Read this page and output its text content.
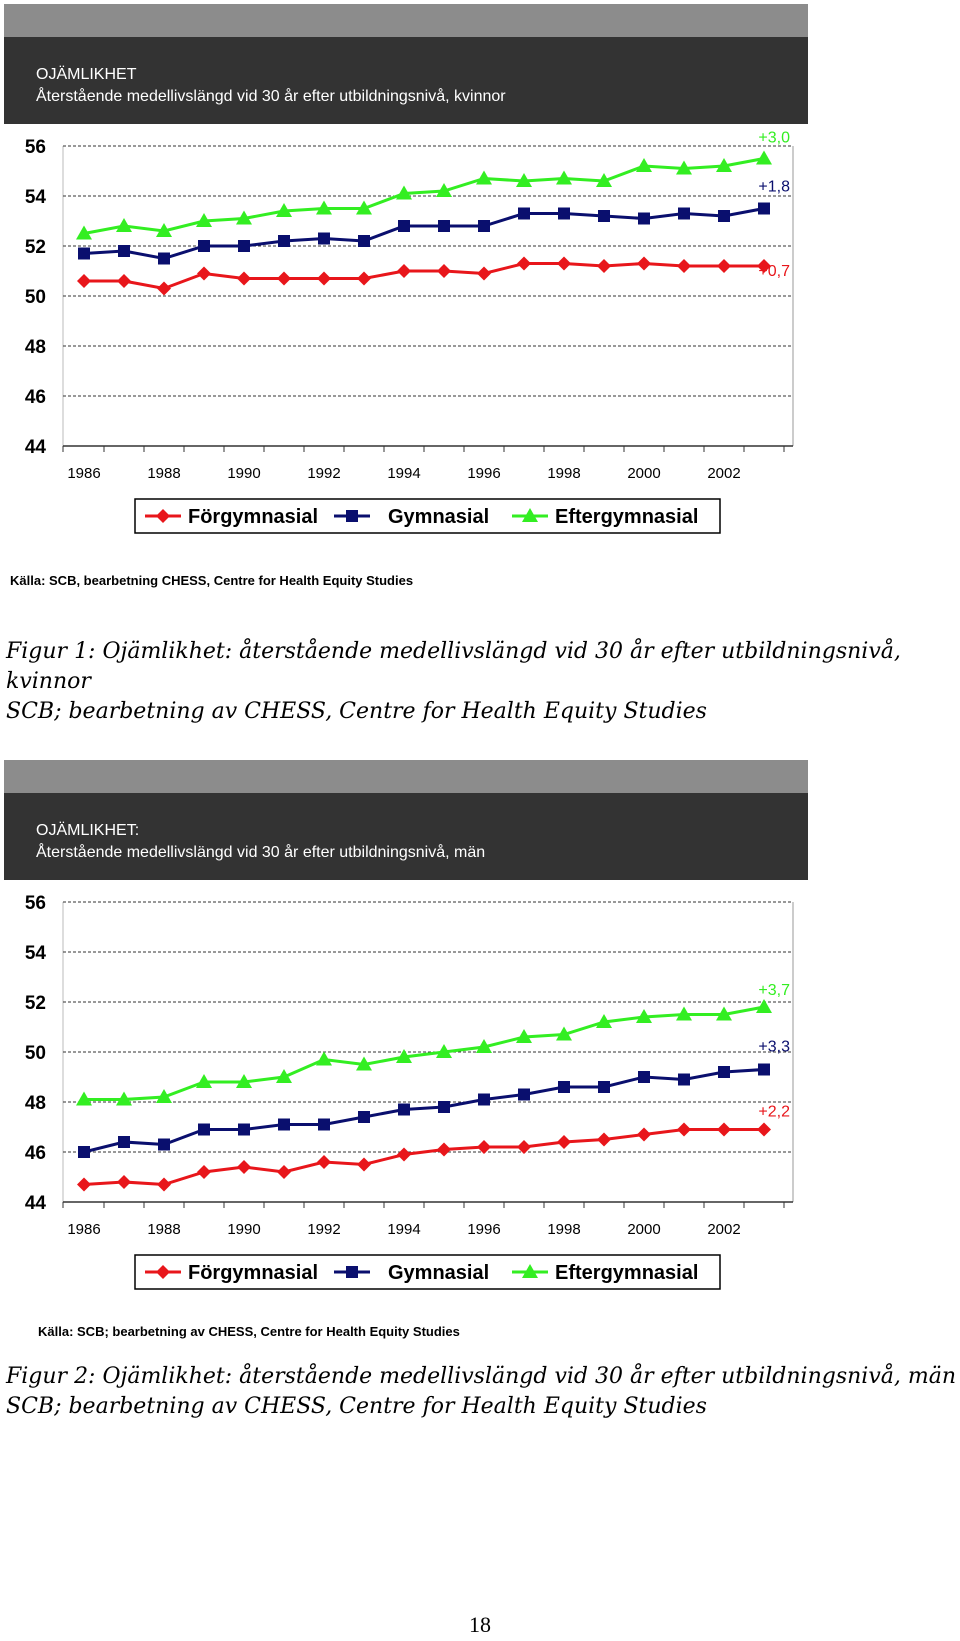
OJÄMLIKHET
Återstående medellivslängd vid 30 år efter utbildningsnivå, kvinnor
44
46
48
50
52
54
56
1986	1988	1990	1992	1994	1996	1998	2000	2002
+0,7
+1,8
+3,0
Förgymnasial	Gymnasial	Eftergymnasial
Källa: SCB, bearbetning CHESS, Centre for Health Equity Studies
Figur 1: Ojämlikhet: återstående medellivslängd vid 30 år efter utbildningsnivå, kvinnor
SCB; bearbetning av CHESS, Centre for Health Equity Studies
OJÄMLIKHET:
Återstående medellivslängd vid 30 år efter utbildningsnivå, män
44
46
48
50
52
54
56
1986	1988	1990	1992	1994	1996	1998	2000	2002
+2,2
+3,3
+3,7
Förgymnasial	Gymnasial	Eftergymnasial
Källa: SCB; bearbetning av CHESS, Centre for Health Equity Studies
Figur 2: Ojämlikhet: återstående medellivslängd vid 30 år efter utbildningsnivå, män
SCB; bearbetning av CHESS, Centre for Health Equity Studies
18
